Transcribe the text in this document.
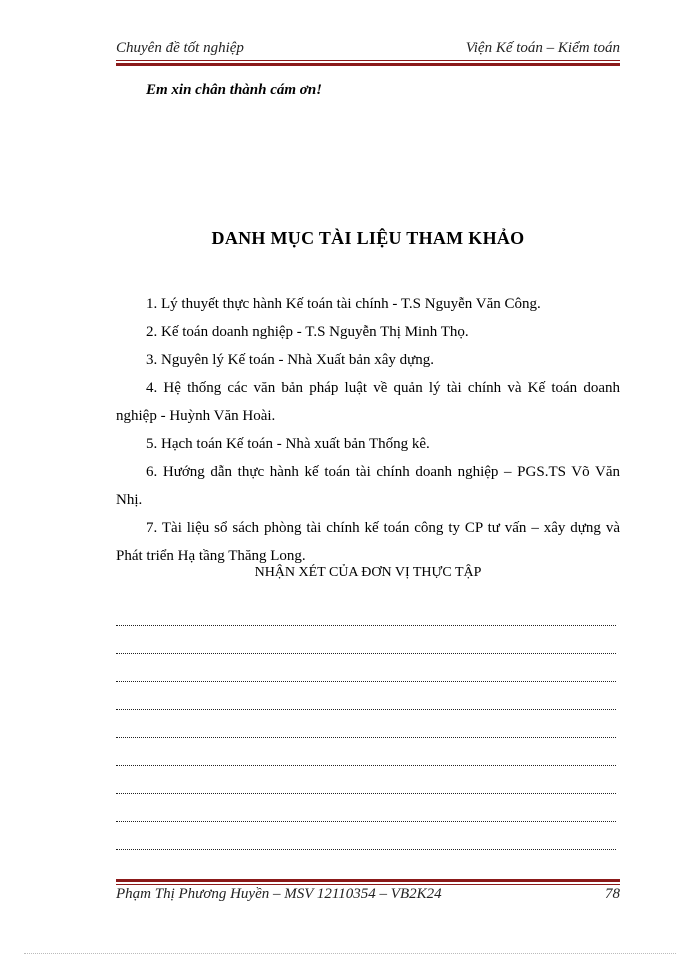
Chuyên đề tốt nghiệp	Viện Kế toán – Kiểm toán
Em xin chân thành cám ơn!
DANH MỤC TÀI LIỆU THAM KHẢO

1. Lý thuyết thực hành Kế toán tài chính - T.S Nguyễn Văn Công.

2. Kế toán doanh nghiệp - T.S Nguyễn Thị Minh Thọ.

3. Nguyên lý Kế toán - Nhà Xuất bản xây dựng.

4. Hệ thống các văn bản pháp luật về quản lý tài chính và Kế toán doanh nghiệp - Huỳnh Văn Hoài.

5. Hạch toán Kế toán - Nhà xuất bản Thống kê.

6. Hướng dẫn thực hành kế toán tài chính doanh nghiệp – PGS.TS Võ Văn Nhị.

7. Tài liệu sổ sách phòng tài chính kế toán công ty CP tư vấn – xây dựng và Phát triển Hạ tầng Thăng Long.

NHẬN XÉT CỦA ĐƠN VỊ THỰC TẬP
Phạm Thị Phương Huyền – MSV 12110354 – VB2K24	78
